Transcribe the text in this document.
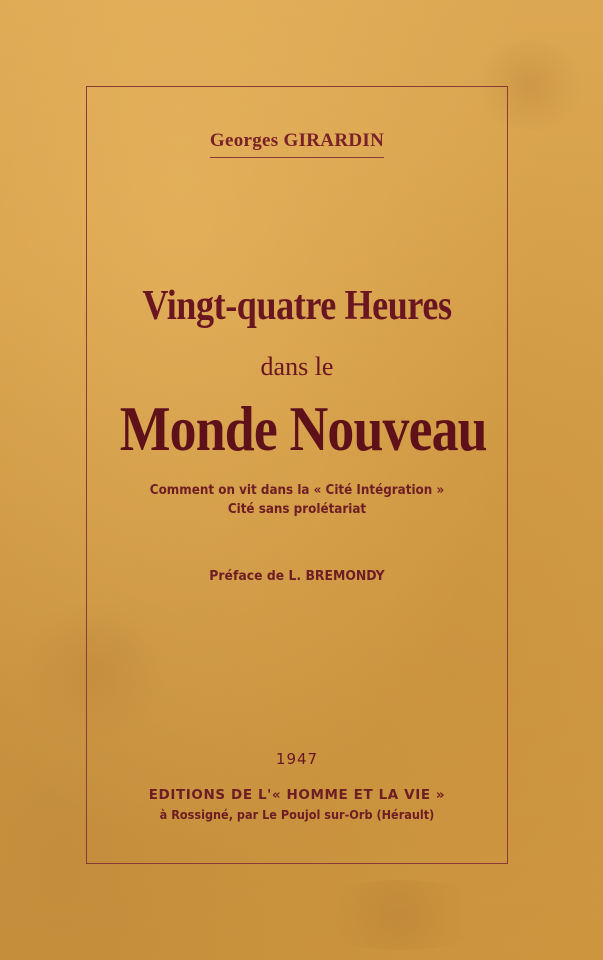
Georges GIRARDIN
Vingt-quatre Heures
dans le
Monde Nouveau
Comment on vit dans la « Cité Intégration »
Cité sans prolétariat
Préface de L. BREMONDY
1947
EDITIONS DE L'« HOMME ET LA VIE »
à Rossigné, par Le Poujol sur-Orb (Hérault)
